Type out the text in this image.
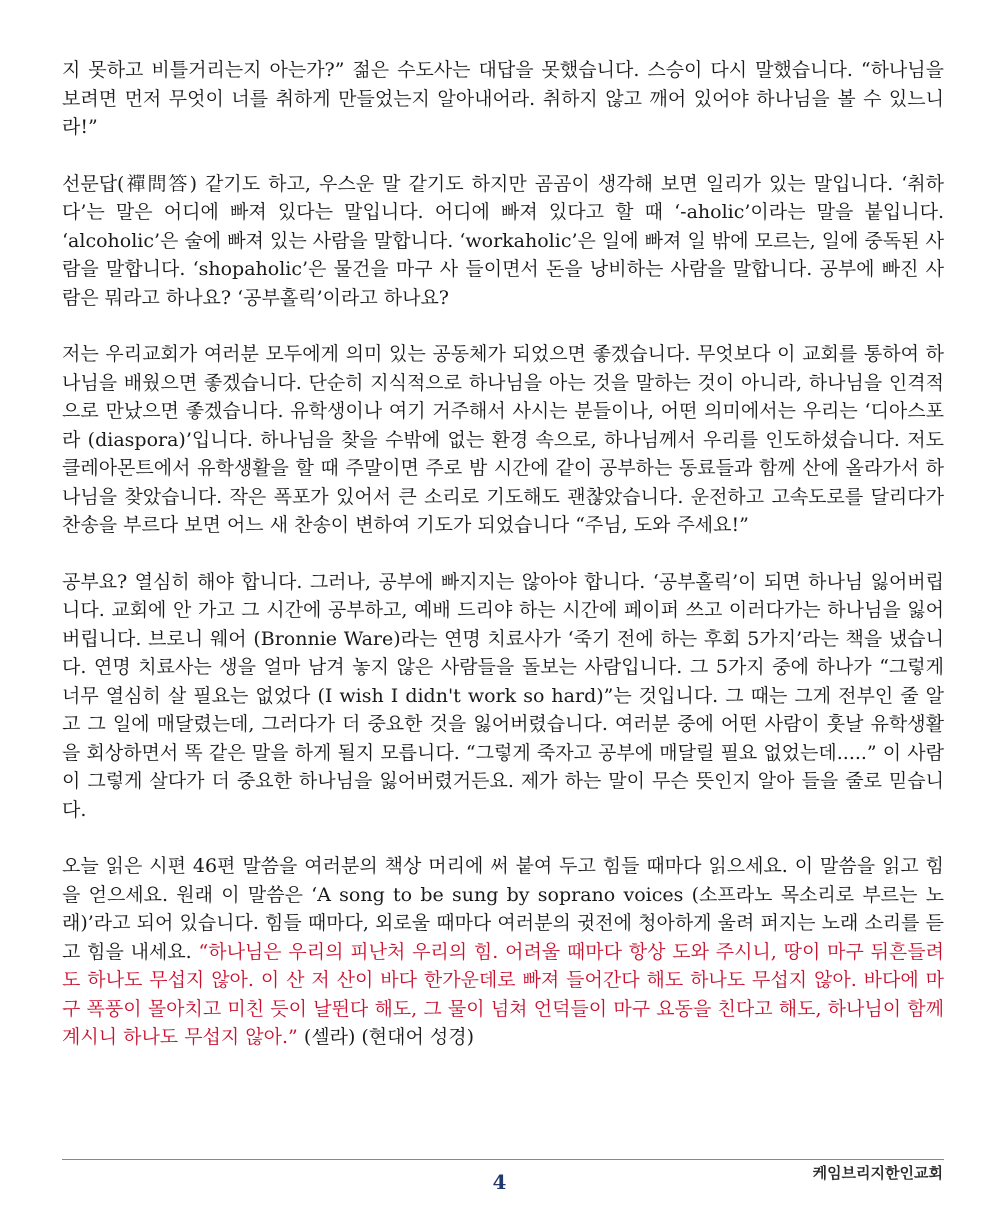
지 못하고 비틀거리는지 아는가?” 젊은 수도사는 대답을 못했습니다. 스승이 다시 말했습니다. “하나님을 보려면 먼저 무엇이 너를 취하게 만들었는지 알아내어라. 취하지 않고 깨어 있어야 하나님을 볼 수 있느니라!”

선문답(禪問答) 같기도 하고, 우스운 말 같기도 하지만 곰곰이 생각해 보면 일리가 있는 말입니다. ‘취하다’는 말은 어디에 빠져 있다는 말입니다. 어디에 빠져 있다고 할 때 ‘-aholic’이라는 말을 붙입니다. ‘alcoholic’은 술에 빠져 있는 사람을 말합니다. ‘workaholic’은 일에 빠져 일 밖에 모르는, 일에 중독된 사람을 말합니다. ‘shopaholic’은 물건을 마구 사 들이면서 돈을 낭비하는 사람을 말합니다. 공부에 빠진 사람은 뭐라고 하나요? ‘공부홀릭’이라고 하나요?

저는 우리교회가 여러분 모두에게 의미 있는 공동체가 되었으면 좋겠습니다. 무엇보다 이 교회를 통하여 하나님을 배웠으면 좋겠습니다. 단순히 지식적으로 하나님을 아는 것을 말하는 것이 아니라, 하나님을 인격적으로 만났으면 좋겠습니다. 유학생이나 여기 거주해서 사시는 분들이나, 어떤 의미에서는 우리는 ‘디아스포라 (diaspora)’입니다. 하나님을 찾을 수밖에 없는 환경 속으로, 하나님께서 우리를 인도하셨습니다. 저도 클레아몬트에서 유학생활을 할 때 주말이면 주로 밤 시간에 같이 공부하는 동료들과 함께 산에 올라가서 하나님을 찾았습니다. 작은 폭포가 있어서 큰 소리로 기도해도 괜찮았습니다. 운전하고 고속도로를 달리다가 찬송을 부르다 보면 어느 새 찬송이 변하여 기도가 되었습니다 “주님, 도와 주세요!”

공부요? 열심히 해야 합니다. 그러나, 공부에 빠지지는 않아야 합니다. ‘공부홀릭’이 되면 하나님 잃어버립니다. 교회에 안 가고 그 시간에 공부하고, 예배 드리야 하는 시간에 페이퍼 쓰고 이러다가는 하나님을 잃어버립니다. 브로니 웨어 (Bronnie Ware)라는 연명 치료사가 ‘죽기 전에 하는 후회 5가지’라는 책을 냈습니다. 연명 치료사는 생을 얼마 남겨 놓지 않은 사람들을 돌보는 사람입니다. 그 5가지 중에 하나가 “그렇게 너무 열심히 살 필요는 없었다 (I wish I didn't work so hard)”는 것입니다. 그 때는 그게 전부인 줄 알고 그 일에 매달렸는데, 그러다가 더 중요한 것을 잃어버렸습니다. 여러분 중에 어떤 사람이 훗날 유학생활을 회상하면서 똑 같은 말을 하게 될지 모릅니다. “그렇게 죽자고 공부에 매달릴 필요 없었는데.....” 이 사람이 그렇게 살다가 더 중요한 하나님을 잃어버렸거든요. 제가 하는 말이 무슨 뜻인지 알아 들을 줄로 믿습니다.

오늘 읽은 시편 46편 말씀을 여러분의 책상 머리에 써 붙여 두고 힘들 때마다 읽으세요. 이 말씀을 읽고 힘을 얻으세요. 원래 이 말씀은 ‘A song to be sung by soprano voices (소프라노 목소리로 부르는 노래)’라고 되어 있습니다. 힘들 때마다, 외로울 때마다 여러분의 귓전에 청아하게 울려 퍼지는 노래 소리를 듣고 힘을 내세요. “하나님은 우리의 피난처 우리의 힘. 어려울 때마다 항상 도와 주시니, 땅이 마구 뒤흔들려도 하나도 무섭지 않아. 이 산 저 산이 바다 한가운데로 빠져 들어간다 해도 하나도 무섭지 않아. 바다에 마구 폭풍이 몰아치고 미친 듯이 날뛴다 해도, 그 물이 넘쳐 언덕들이 마구 요동을 친다고 해도, 하나님이 함께 계시니 하나도 무섭지 않아.” (셀라) (현대어 성경)

4	케임브리지한인교회
